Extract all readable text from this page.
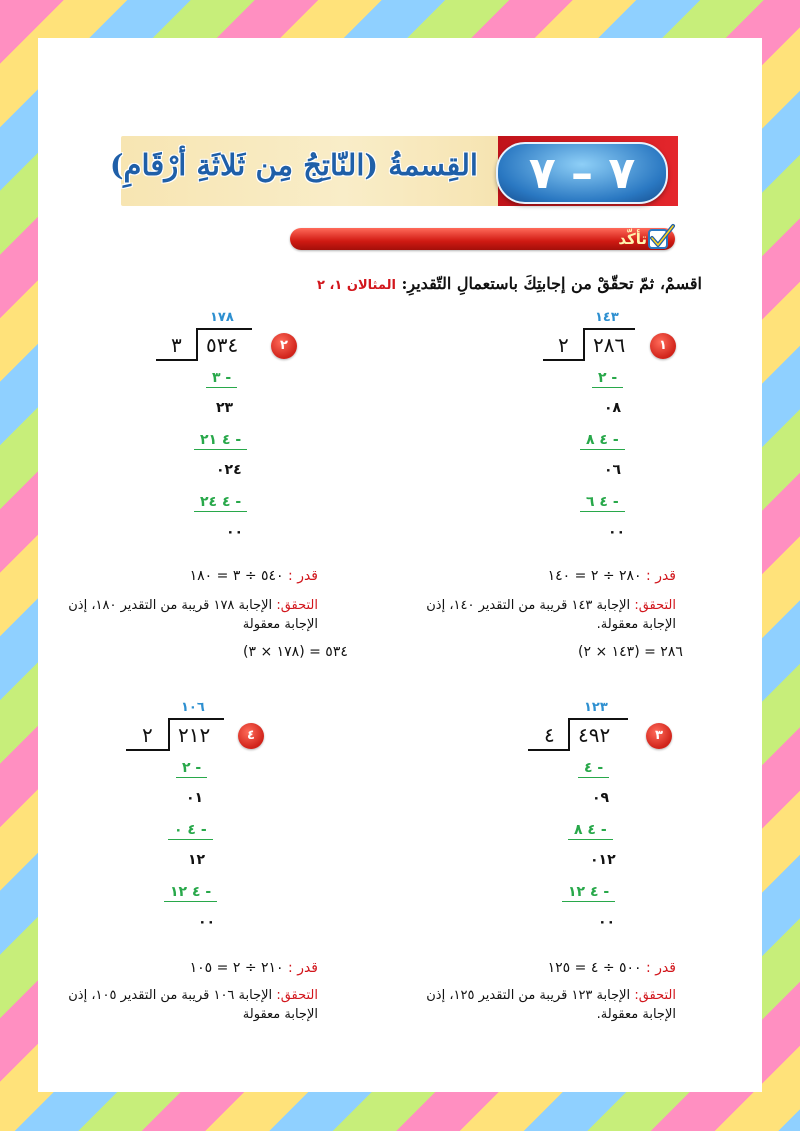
٧ – ٧
القِسمةُ (النّاتِجُ مِن ثَلاثَةِ أرْقَامِ)
تأكّد
اقسمْ، ثمّ تحقّقْ من إجابتِكَ باستعمالِ التّقديرِ: المثالان ١، ٢
١
١٤٣
٢٨٦
٢
٢ -
٠٨
٤ ٨ -
٠٦
٤ ٦ -
٠٠
قدر : ٢٨٠ ÷ ٢ = ١٤٠
التحقق: الإجابة ١٤٣ قريبة من التقدير ١٤٠، إذن الإجابة معقولة.
(١٤٣ × ٢) = ٢٨٦
٢
١٧٨
٥٣٤
٣
٣ -
٢٣
٤ ٢١ -
٠٢٤
٤ ٢٤ -
٠٠
قدر : ٥٤٠ ÷ ٣ = ١٨٠
التحقق: الإجابة ١٧٨ قريبة من التقدير ١٨٠، إذن الإجابة معقولة
(١٧٨ × ٣) = ٥٣٤
٣
١٢٣
٤٩٢
٤
٤ -
٠٩
٤ ٨ -
٠١٢
٤ ١٢ -
٠٠
قدر : ٥٠٠ ÷ ٤ = ١٢٥
التحقق: الإجابة ١٢٣ قريبة من التقدير ١٢٥، إذن الإجابة معقولة.
٤
١٠٦
٢١٢
٢
٢ -
٠١
٤ ٠ -
١٢
٤ ١٢ -
٠٠
قدر : ٢١٠ ÷ ٢ = ١٠٥
التحقق: الإجابة ١٠٦ قريبة من التقدير ١٠٥، إذن الإجابة معقولة
